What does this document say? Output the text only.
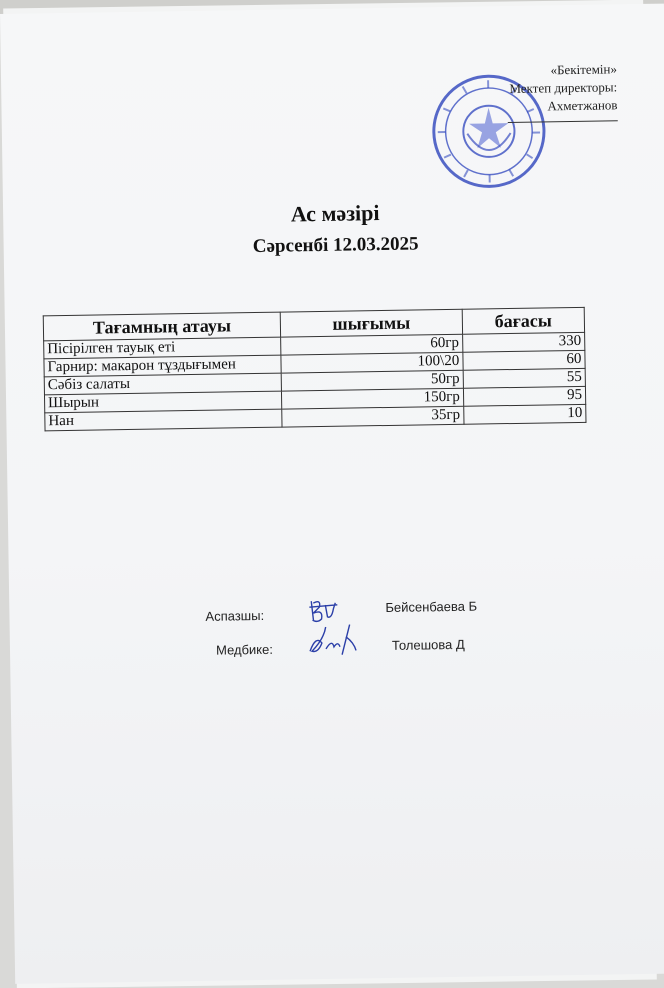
«Бекітемін»
Мектеп директоры:
Ахметжанов
Ас мәзірі
Сәрсенбі 12.03.2025
Тағамның атауы	шығымы	бағасы
Пісірілген тауық еті	60гр	330
Гарнир: макарон тұздығымен	100\20	60
Сәбіз салаты	50гр	55
Шырын	150гр	95
Нан	35гр	10
Аспазшы:
Бейсенбаева Б
Медбике:	Толешова Д
